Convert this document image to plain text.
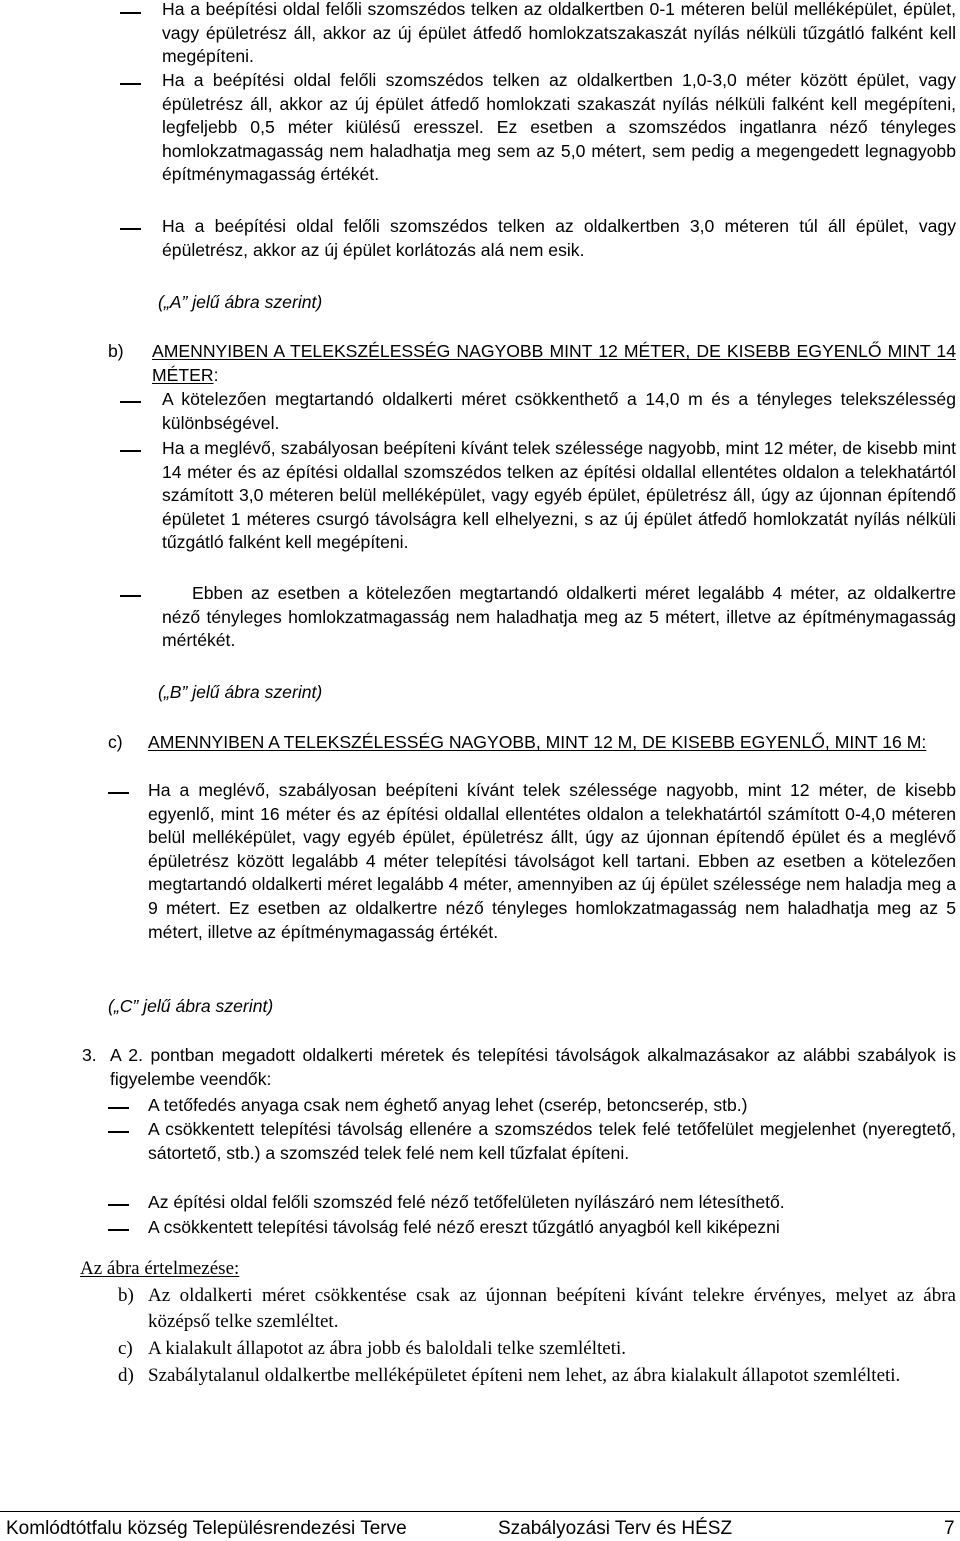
Ha a beépítési oldal felőli szomszédos telken az oldalkertben 0-1 méteren belül melléképület, épület, vagy épületrész áll, akkor az új épület átfedő homlokzatszakaszát nyílás nélküli tűzgátló falként kell megépíteni.

Ha a beépítési oldal felőli szomszédos telken az oldalkertben 1,0-3,0 méter között épület, vagy épületrész áll, akkor az új épület átfedő homlokzati szakaszát nyílás nélküli falként kell megépíteni, legfeljebb 0,5 méter kiülésű eresszel. Ez esetben a szomszédos ingatlanra néző tényleges homlokzatmagasság nem haladhatja meg sem az 5,0 métert, sem pedig a megengedett legnagyobb építménymagasság értékét.

Ha a beépítési oldal felőli szomszédos telken az oldalkertben 3,0 méteren túl áll épület, vagy épületrész, akkor az új épület korlátozás alá nem esik.

(„A” jelű ábra szerint)

b) AMENNYIBEN A TELEKSZÉLESSÉG NAGYOBB MINT 12 MÉTER, DE KISEBB EGYENLŐ MINT 14 MÉTER:

A kötelezően megtartandó oldalkerti méret csökkenthető a 14,0 m és a tényleges telekszélesség különbségével.

Ha a meglévő, szabályosan beépíteni kívánt telek szélessége nagyobb, mint 12 méter, de kisebb mint 14 méter és az építési oldallal szomszédos telken az építési oldallal ellentétes oldalon a telekhatártól számított 3,0 méteren belül melléképület, vagy egyéb épület, épületrész áll, úgy az újonnan építendő épületet 1 méteres csurgó távolságra kell elhelyezni, s az új épület átfedő homlokzatát nyílás nélküli tűzgátló falként kell megépíteni.

Ebben az esetben a kötelezően megtartandó oldalkerti méret legalább 4 méter, az oldalkertre néző tényleges homlokzatmagasság nem haladhatja meg az 5 métert, illetve az építménymagasság mértékét.

(„B” jelű ábra szerint)

c) AMENNYIBEN A TELEKSZÉLESSÉG NAGYOBB, MINT 12 M, DE KISEBB EGYENLŐ, MINT 16 M:

Ha a meglévő, szabályosan beépíteni kívánt telek szélessége nagyobb, mint 12 méter, de kisebb egyenlő, mint 16 méter és az építési oldallal ellentétes oldalon a telekhatártól számított 0-4,0 méteren belül melléképület, vagy egyéb épület, épületrész állt, úgy az újonnan építendő épület és a meglévő épületrész között legalább 4 méter telepítési távolságot kell tartani. Ebben az esetben a kötelezően megtartandó oldalkerti méret legalább 4 méter, amennyiben az új épület szélessége nem haladja meg a 9 métert. Ez esetben az oldalkertre néző tényleges homlokzatmagasság nem haladhatja meg az 5 métert, illetve az építménymagasság értékét.

(„C” jelű ábra szerint)

3. A 2. pontban megadott oldalkerti méretek és telepítési távolságok alkalmazásakor az alábbi szabályok is figyelembe veendők:

A tetőfedés anyaga csak nem éghető anyag lehet (cserép, betoncserép, stb.)

A csökkentett telepítési távolság ellenére a szomszédos telek felé tetőfelület megjelenhet (nyeregtető, sátortető, stb.) a szomszéd telek felé nem kell tűzfalat építeni.

Az építési oldal felőli szomszéd felé néző tetőfelületen nyílászáró nem létesíthető.

A csökkentett telepítési távolság felé néző ereszt tűzgátló anyagból kell kiképezni

Az ábra értelmezése:

b) Az oldalkerti méret csökkentése csak az újonnan beépíteni kívánt telekre érvényes, melyet az ábra középső telke szemléltet.

c) A kialakult állapotot az ábra jobb és baloldali telke szemlélteti.

d) Szabálytalanul oldalkertbe melléképületet építeni nem lehet, az ábra kialakult állapotot szemlélteti.

Komlódtótfalu község Településrendezési Terve	Szabályozási Terv és HÉSZ	7
